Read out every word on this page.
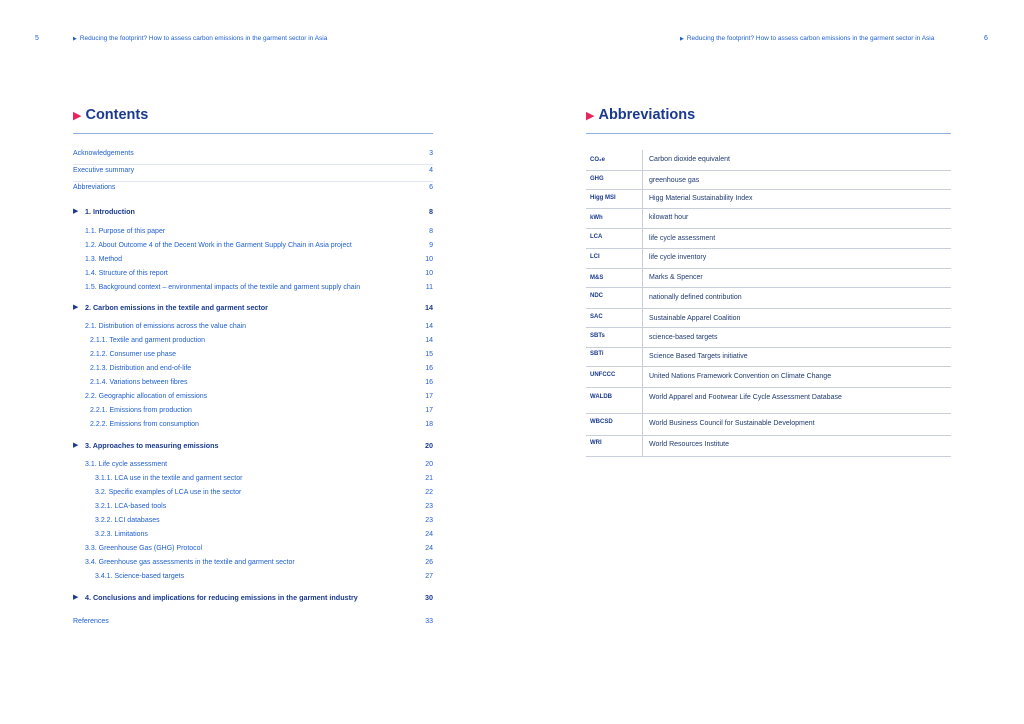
5	▶ Reducing the footprint? How to assess carbon emissions in the garment sector in Asia
▶ Contents
Acknowledgements	3
Executive summary	4
Abbreviations	6
▶ 1. Introduction	8
1.1. Purpose of this paper	8
1.2. About Outcome 4 of the Decent Work in the Garment Supply Chain in Asia project	9
1.3. Method	10
1.4. Structure of this report	10
1.5. Background context – environmental impacts of the textile and garment supply chain	11
▶ 2. Carbon emissions in the textile and garment sector	14
2.1. Distribution of emissions across the value chain	14
2.1.1. Textile and garment production	14
2.1.2. Consumer use phase	15
2.1.3. Distribution and end-of-life	16
2.1.4. Variations between fibres	16
2.2. Geographic allocation of emissions	17
2.2.1. Emissions from production	17
2.2.2. Emissions from consumption	18
▶ 3. Approaches to measuring emissions	20
3.1. Life cycle assessment	20
3.1.1. LCA use in the textile and garment sector	21
3.2. Specific examples of LCA use in the sector	22
3.2.1. LCA-based tools	23
3.2.2. LCI databases	23
3.2.3. Limitations	24
3.3. Greenhouse Gas (GHG) Protocol	24
3.4. Greenhouse gas assessments in the textile and garment sector	26
3.4.1. Science-based targets	27
▶ 4. Conclusions and implications for reducing emissions in the garment industry	30
References	33
▶ Reducing the footprint? How to assess carbon emissions in the garment sector in Asia	6
▶ Abbreviations
CO₂e	Carbon dioxide equivalent
GHG	greenhouse gas
Higg MSI	Higg Material Sustainability Index
kWh	kilowatt hour
LCA	life cycle assessment
LCI	life cycle inventory
M&S	Marks & Spencer
NDC	nationally defined contribution
SAC	Sustainable Apparel Coalition
SBTs	science-based targets
SBTi	Science Based Targets initiative
UNFCCC	United Nations Framework Convention on Climate Change
WALDB	World Apparel and Footwear Life Cycle Assessment Database
WBCSD	World Business Council for Sustainable Development
WRI	World Resources Institute
